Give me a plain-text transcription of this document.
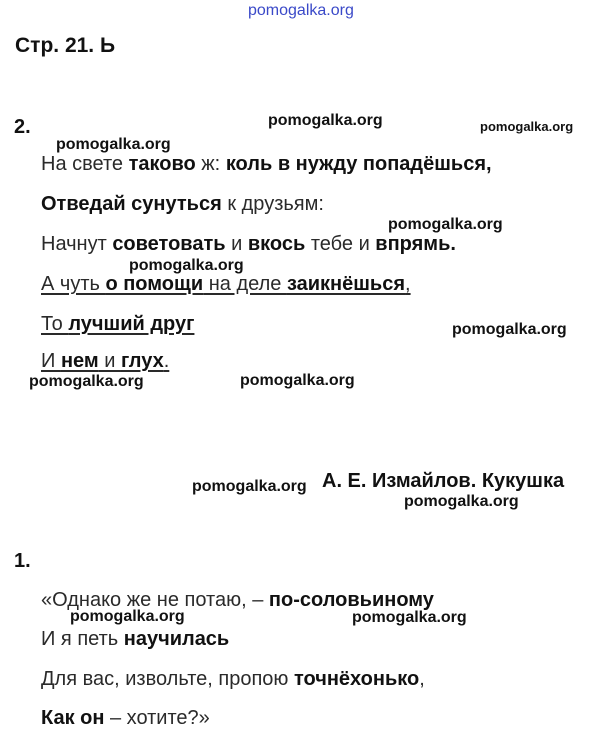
pomogalka.org
Стр. 21. Ь
2.
На свете таково ж: коль в нужду попадёшься,
Отведай сунуться к друзьям:
Начнут советовать и вкось тебе и впрямь.
А чуть о помощи на деле заикнёшься,
То лучший друг
И нем и глух.
А. Е. Измайлов. Кукушка
1.
«Однако же не потаю, – по-соловьиному
И я петь научилась
Для вас, извольте, пропою точнёхонько,
Как он – хотите?»
pomogalka.org	pomogalka.org
pomogalka.org
pomogalka.org
pomogalka.org
pomogalka.org
pomogalka.org	pomogalka.org
pomogalka.org
pomogalka.org
pomogalka.org	pomogalka.org
